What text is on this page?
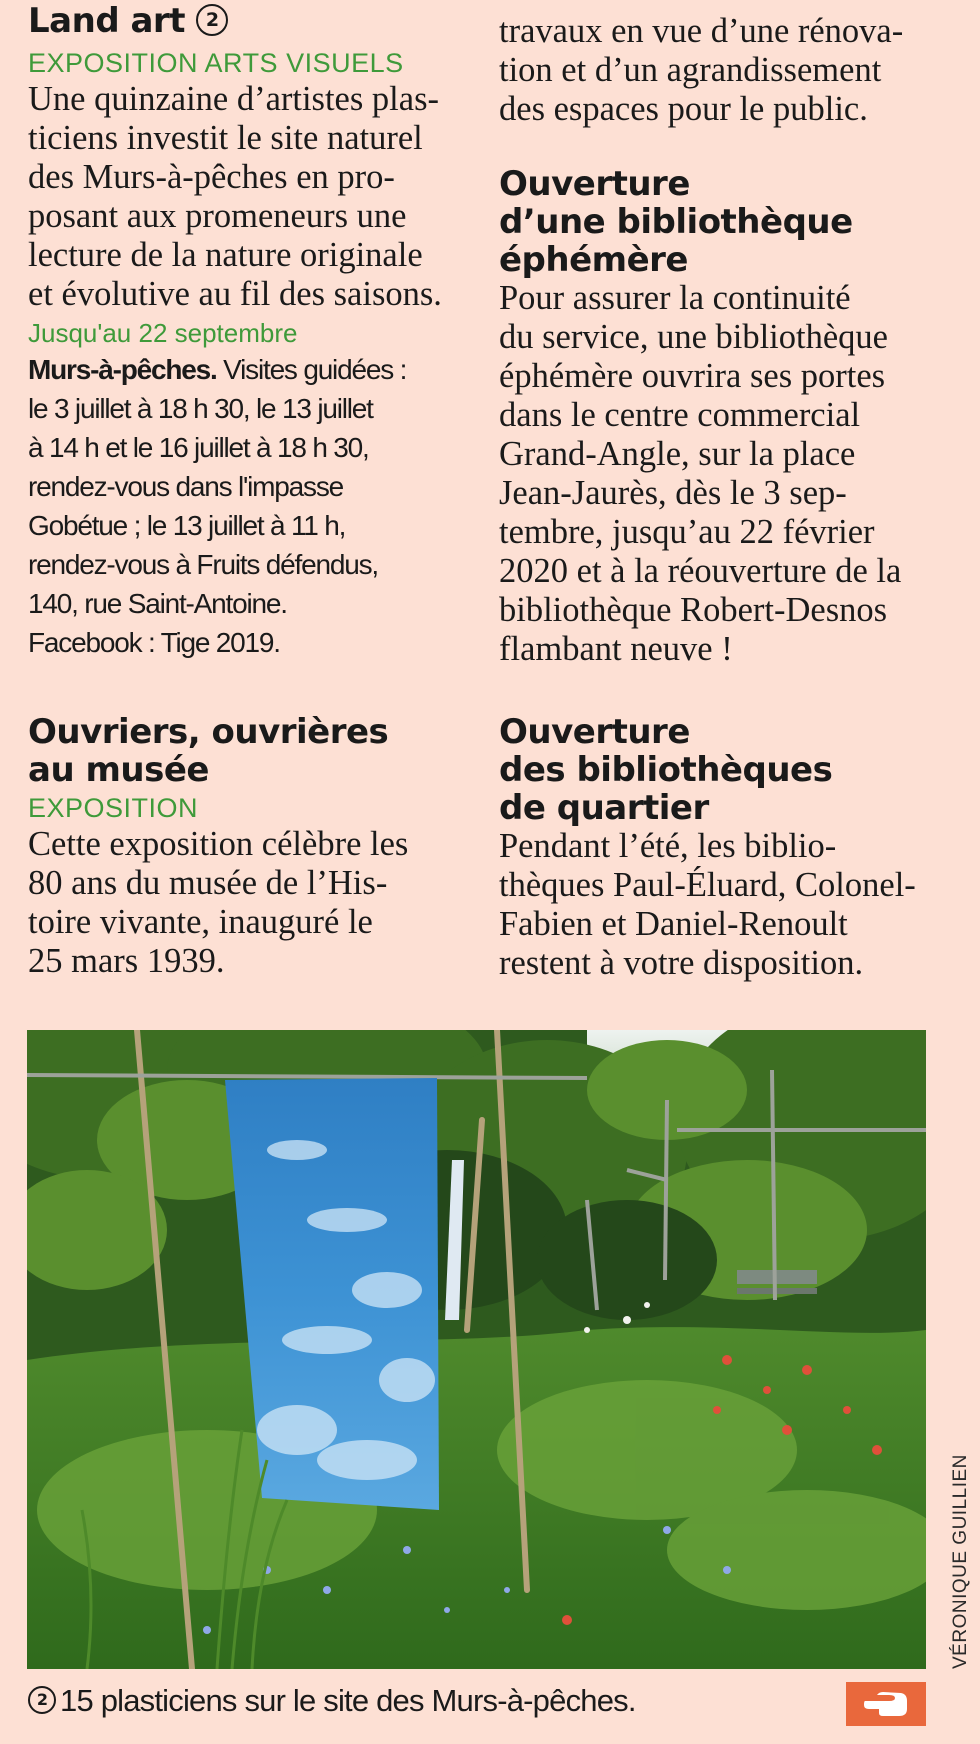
Land art 2

EXPOSITION ARTS VISUELS

Une quinzaine d’artistes plas-

ticiens investit le site naturel

des Murs-à-pêches en pro-

posant aux promeneurs une

lecture de la nature originale

et évolutive au fil des saisons.

Jusqu'au 22 septembre

Murs-à-pêches. Visites guidées :

le 3 juillet à 18 h 30, le 13 juillet

à 14 h et le 16 juillet à 18 h 30,

rendez-vous dans l'impasse

Gobétue ; le 13 juillet à 11 h,

rendez-vous à Fruits défendus,

140, rue Saint-Antoine.

Facebook : Tige 2019.

Ouvriers, ouvrières
au musée

EXPOSITION

Cette exposition célèbre les

80 ans du musée de l’His-

toire vivante, inauguré le

25 mars 1939.

travaux en vue d’une rénova-

tion et d’un agrandissement

des espaces pour le public.

Ouverture
d’une bibliothèque
éphémère

Pour assurer la continuité

du service, une bibliothèque

éphémère ouvrira ses portes

dans le centre commercial

Grand-Angle, sur la place

Jean-Jaurès, dès le 3 sep-

tembre, jusqu’au 22 février

2020 et à la réouverture de la

bibliothèque Robert-Desnos

flambant neuve !

Ouverture
des bibliothèques
de quartier

Pendant l’été, les biblio-

thèques Paul-Éluard, Colonel-

Fabien et Daniel-Renoult

restent à votre disposition.

VÉRONIQUE GUILLIEN
2 15 plasticiens sur le site des Murs-à-pêches.
